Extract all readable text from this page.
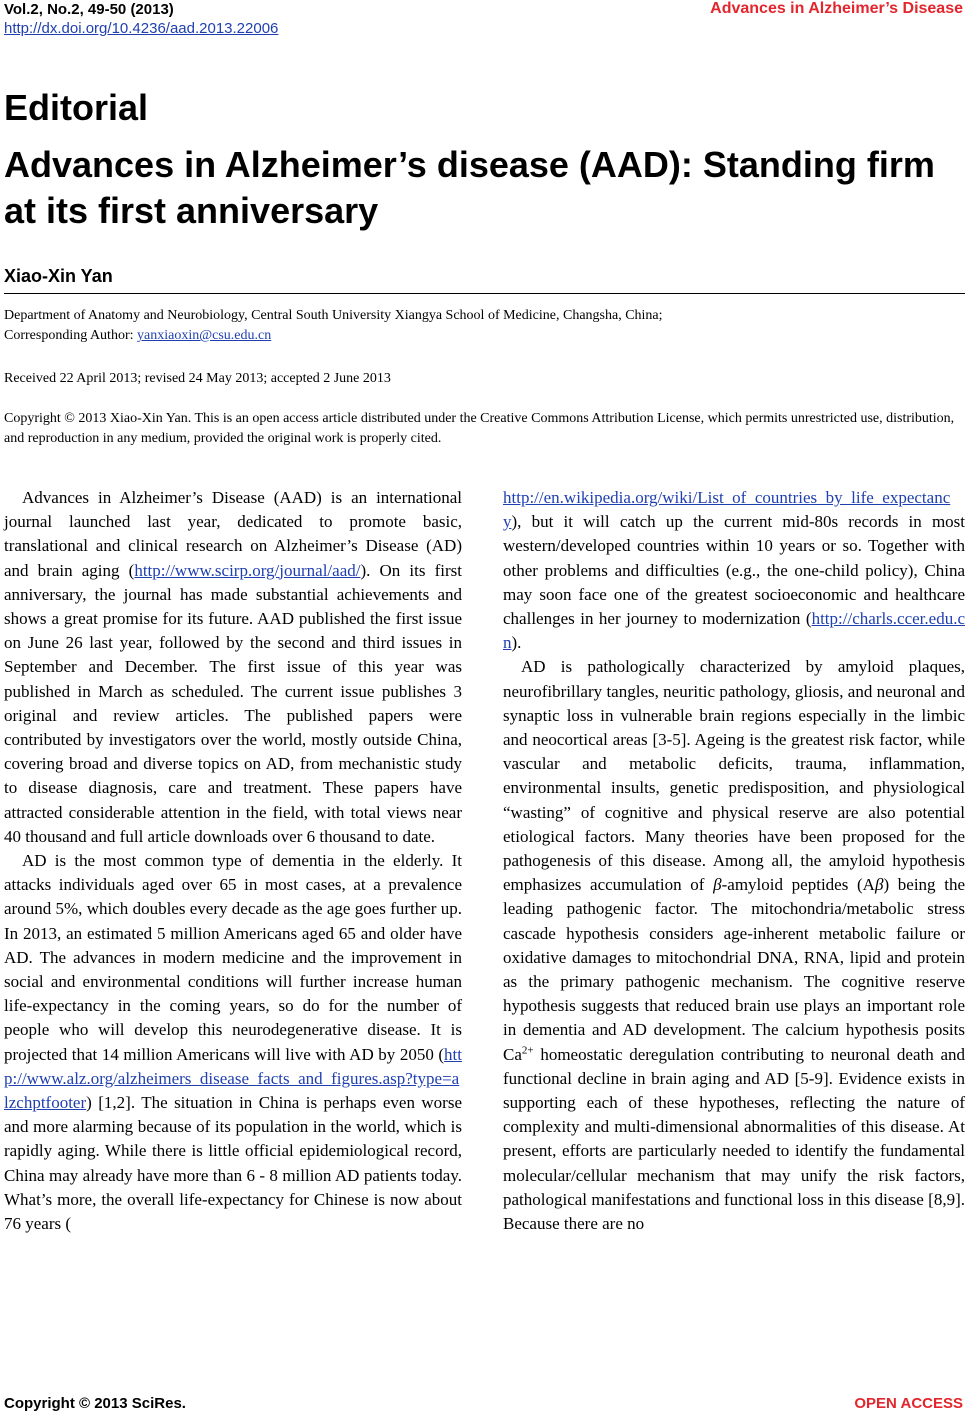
Vol.2, No.2, 49-50 (2013)
http://dx.doi.org/10.4236/aad.2013.22006
Advances in Alzheimer’s Disease
Editorial
Advances in Alzheimer’s disease (AAD): Standing firm at its first anniversary
Xiao-Xin Yan
Department of Anatomy and Neurobiology, Central South University Xiangya School of Medicine, Changsha, China;
Corresponding Author: yanxiaoxin@csu.edu.cn
Received 22 April 2013; revised 24 May 2013; accepted 2 June 2013
Copyright © 2013 Xiao-Xin Yan. This is an open access article distributed under the Creative Commons Attribution License, which permits unrestricted use, distribution, and reproduction in any medium, provided the original work is properly cited.

Advances in Alzheimer’s Disease (AAD) is an international journal launched last year, dedicated to promote basic, translational and clinical research on Alzheimer’s Disease (AD) and brain aging (http://www.scirp.org/journal/aad/). On its first anniversary, the journal has made substantial achievements and shows a great promise for its future. AAD published the first issue on June 26 last year, followed by the second and third issues in September and December. The first issue of this year was published in March as scheduled. The current issue publishes 3 original and review articles. The published papers were contributed by investigators over the world, mostly outside China, covering broad and diverse topics on AD, from mechanistic study to disease diagnosis, care and treatment. These papers have attracted considerable attention in the field, with total views near 40 thousand and full article downloads over 6 thousand to date.

AD is the most common type of dementia in the elderly. It attacks individuals aged over 65 in most cases, at a prevalence around 5%, which doubles every decade as the age goes further up. In 2013, an estimated 5 million Americans aged 65 and older have AD. The advances in modern medicine and the improvement in social and environmental conditions will further increase human life-expectancy in the coming years, so do for the number of people who will develop this neurodegenerative disease. It is projected that 14 million Americans will live with AD by 2050 (http://www.alz.org/alzheimers_disease_facts_and_figures.asp?type=alzchptfooter) [1,2]. The situation in China is perhaps even worse and more alarming because of its population in the world, which is rapidly aging. While there is little official epidemiological record, China may already have more than 6 - 8 million AD patients today. What’s more, the overall life-expectancy for Chinese is now about 76 years (

http://en.wikipedia.org/wiki/List_of_countries_by_life_expectancy), but it will catch up the current mid-80s records in most western/developed countries within 10 years or so. Together with other problems and difficulties (e.g., the one-child policy), China may soon face one of the greatest socioeconomic and healthcare challenges in her journey to modernization (http://charls.ccer.edu.cn).

AD is pathologically characterized by amyloid plaques, neurofibrillary tangles, neuritic pathology, gliosis, and neuronal and synaptic loss in vulnerable brain regions especially in the limbic and neocortical areas [3-5]. Ageing is the greatest risk factor, while vascular and metabolic deficits, trauma, inflammation, environmental insults, genetic predisposition, and physiological “wasting” of cognitive and physical reserve are also potential etiological factors. Many theories have been proposed for the pathogenesis of this disease. Among all, the amyloid hypothesis emphasizes accumulation of β-amyloid peptides (Aβ) being the leading pathogenic factor. The mitochondria/metabolic stress cascade hypothesis considers age-inherent metabolic failure or oxidative damages to mitochondrial DNA, RNA, lipid and protein as the primary pathogenic mechanism. The cognitive reserve hypothesis suggests that reduced brain use plays an important role in dementia and AD development. The calcium hypothesis posits $Ca^{2+}$ homeostatic deregulation contributing to neuronal death and functional decline in brain aging and AD [5-9]. Evidence exists in supporting each of these hypotheses, reflecting the nature of complexity and multi-dimensional abnormalities of this disease. At present, efforts are particularly needed to identify the fundamental molecular/cellular mechanism that may unify the risk factors, pathological manifestations and functional loss in this disease [8,9]. Because there are no

Copyright © 2013 SciRes.	OPEN ACCESS
